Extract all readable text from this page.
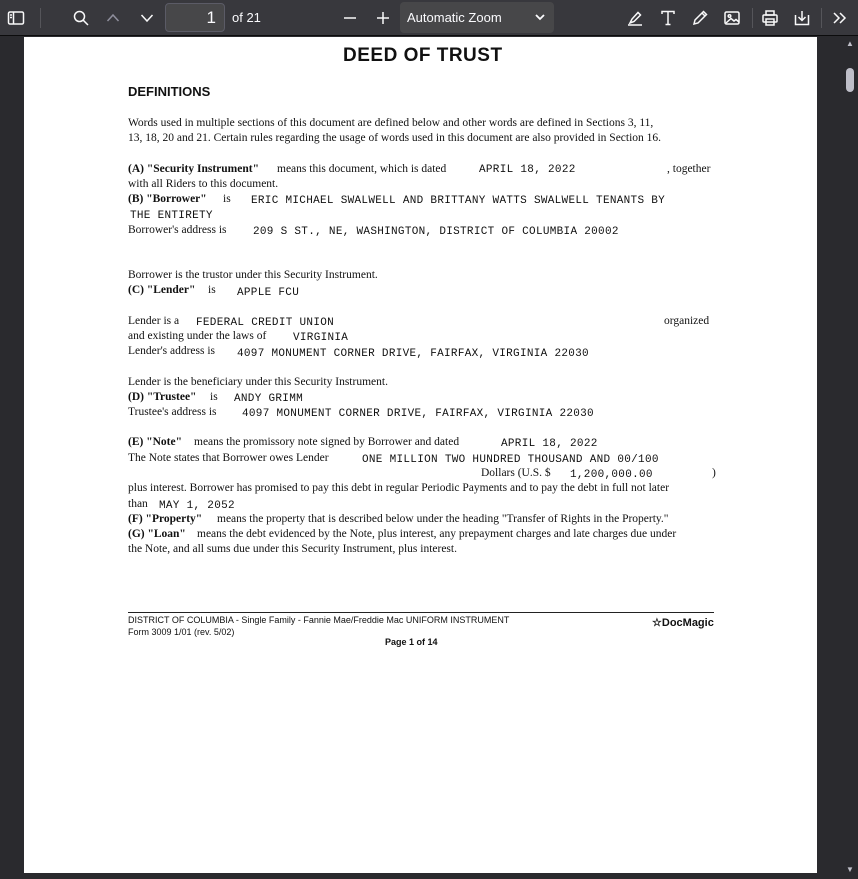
1
of 21	Automatic Zoom
DEED OF TRUST
DEFINITIONS
Words used in multiple sections of this document are defined below and other words are defined in Sections 3, 11,
13, 18, 20 and 21. Certain rules regarding the usage of words used in this document are also provided in Section 16.
(A) "Security Instrument" means this document, which is dated	APRIL 18, 2022	, together
with all Riders to this document.
(B) "Borrower" is ERIC MICHAEL SWALWELL AND BRITTANY WATTS SWALWELL TENANTS BY
THE ENTIRETY
Borrower's address is 209 S ST., NE, WASHINGTON, DISTRICT OF COLUMBIA 20002
Borrower is the trustor under this Security Instrument.
(C) "Lender" is APPLE FCU
Lender is a FEDERAL CREDIT UNION	organized
and existing under the laws of VIRGINIA
Lender's address is 4097 MONUMENT CORNER DRIVE, FAIRFAX, VIRGINIA 22030
Lender is the beneficiary under this Security Instrument.
(D) "Trustee" is ANDY GRIMM
Trustee's address is 4097 MONUMENT CORNER DRIVE, FAIRFAX, VIRGINIA 22030
(E) "Note" means the promissory note signed by Borrower and dated	APRIL 18, 2022
The Note states that Borrower owes Lender	ONE MILLION TWO HUNDRED THOUSAND AND 00/100
Dollars (U.S. $ 1,200,000.00	)
plus interest. Borrower has promised to pay this debt in regular Periodic Payments and to pay the debt in full not later
than MAY 1, 2052
(F) "Property" means the property that is described below under the heading "Transfer of Rights in the Property."
(G) "Loan" means the debt evidenced by the Note, plus interest, any prepayment charges and late charges due under
the Note, and all sums due under this Security Instrument, plus interest.
DISTRICT OF COLUMBIA - Single Family - Fannie Mae/Freddie Mac UNIFORM INSTRUMENT
Form 3009 1/01 (rev. 5/02)
☆DocMagic
Page 1 of 14
▲
▼
